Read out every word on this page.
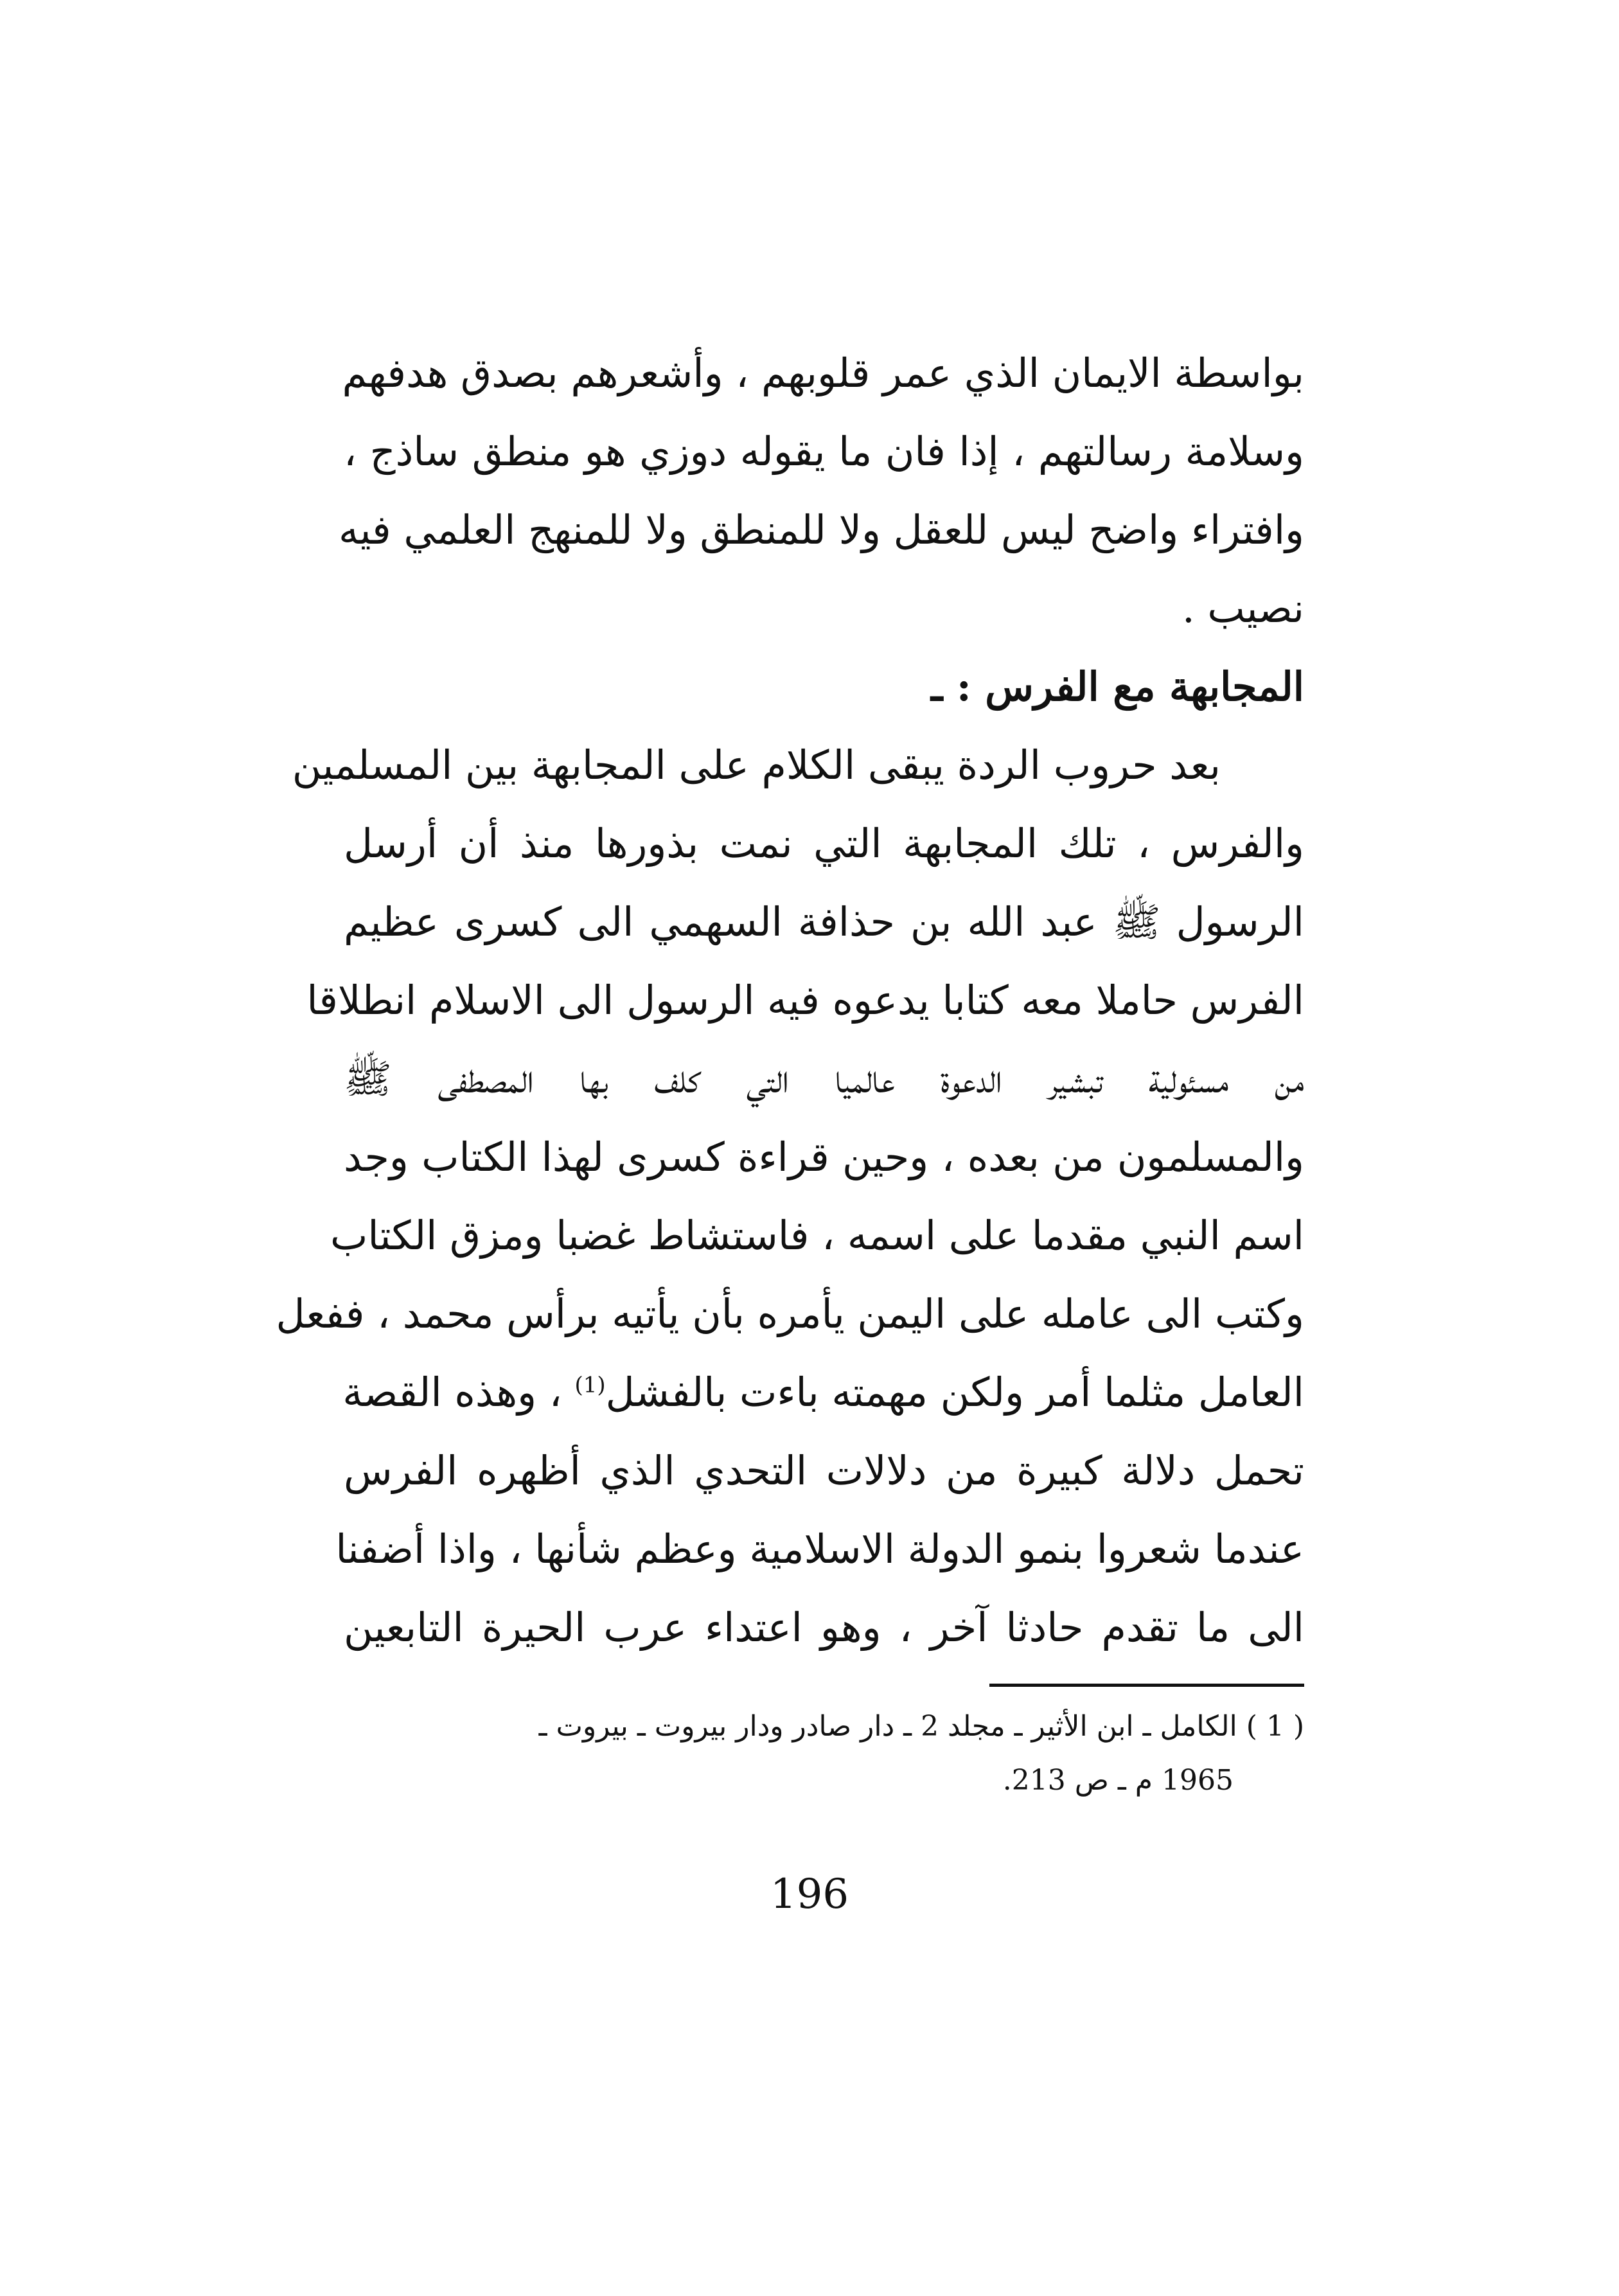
بواسطة الايمان الذي عمر قلوبهم ، وأشعرهم بصدق هدفهم
وسلامة رسالتهم ، إذا فان ما يقوله دوزي هو منطق ساذج ،
وافتراء واضح ليس للعقل ولا للمنطق ولا للمنهج العلمي فيه
نصيب .
المجابهة مع الفرس : ـ
بعد حروب الردة يبقى الكلام على المجابهة بين المسلمين
والفرس ، تلك المجابهة التي نمت بذورها منذ أن أرسل
الرسول ﷺ عبد الله بن حذافة السهمي الى كسرى عظيم
الفرس حاملا معه كتابا يدعوه فيه الرسول الى الاسلام انطلاقا
من مسئولية تبشير الدعوة عالميا التي كلف بها المصطفى ﷺ
والمسلمون من بعده ، وحين قراءة كسرى لهذا الكتاب وجد
اسم النبي مقدما على اسمه ، فاستشاط غضبا ومزق الكتاب
وكتب الى عامله على اليمن يأمره بأن يأتيه برأس محمد ، ففعل
العامل مثلما أمر ولكن مهمته باءت بالفشل$^{(1)}$ ، وهذه القصة
تحمل دلالة كبيرة من دلالات التحدي الذي أظهره الفرس
عندما شعروا بنمو الدولة الاسلامية وعظم شأنها ، واذا أضفنا
الى ما تقدم حادثا آخر ، وهو اعتداء عرب الحيرة التابعين
( 1 ) الكامل ـ ابن الأثير ـ مجلد 2 ـ دار صادر ودار بيروت ـ بيروت ـ
1965 م ـ ص 213.
196
